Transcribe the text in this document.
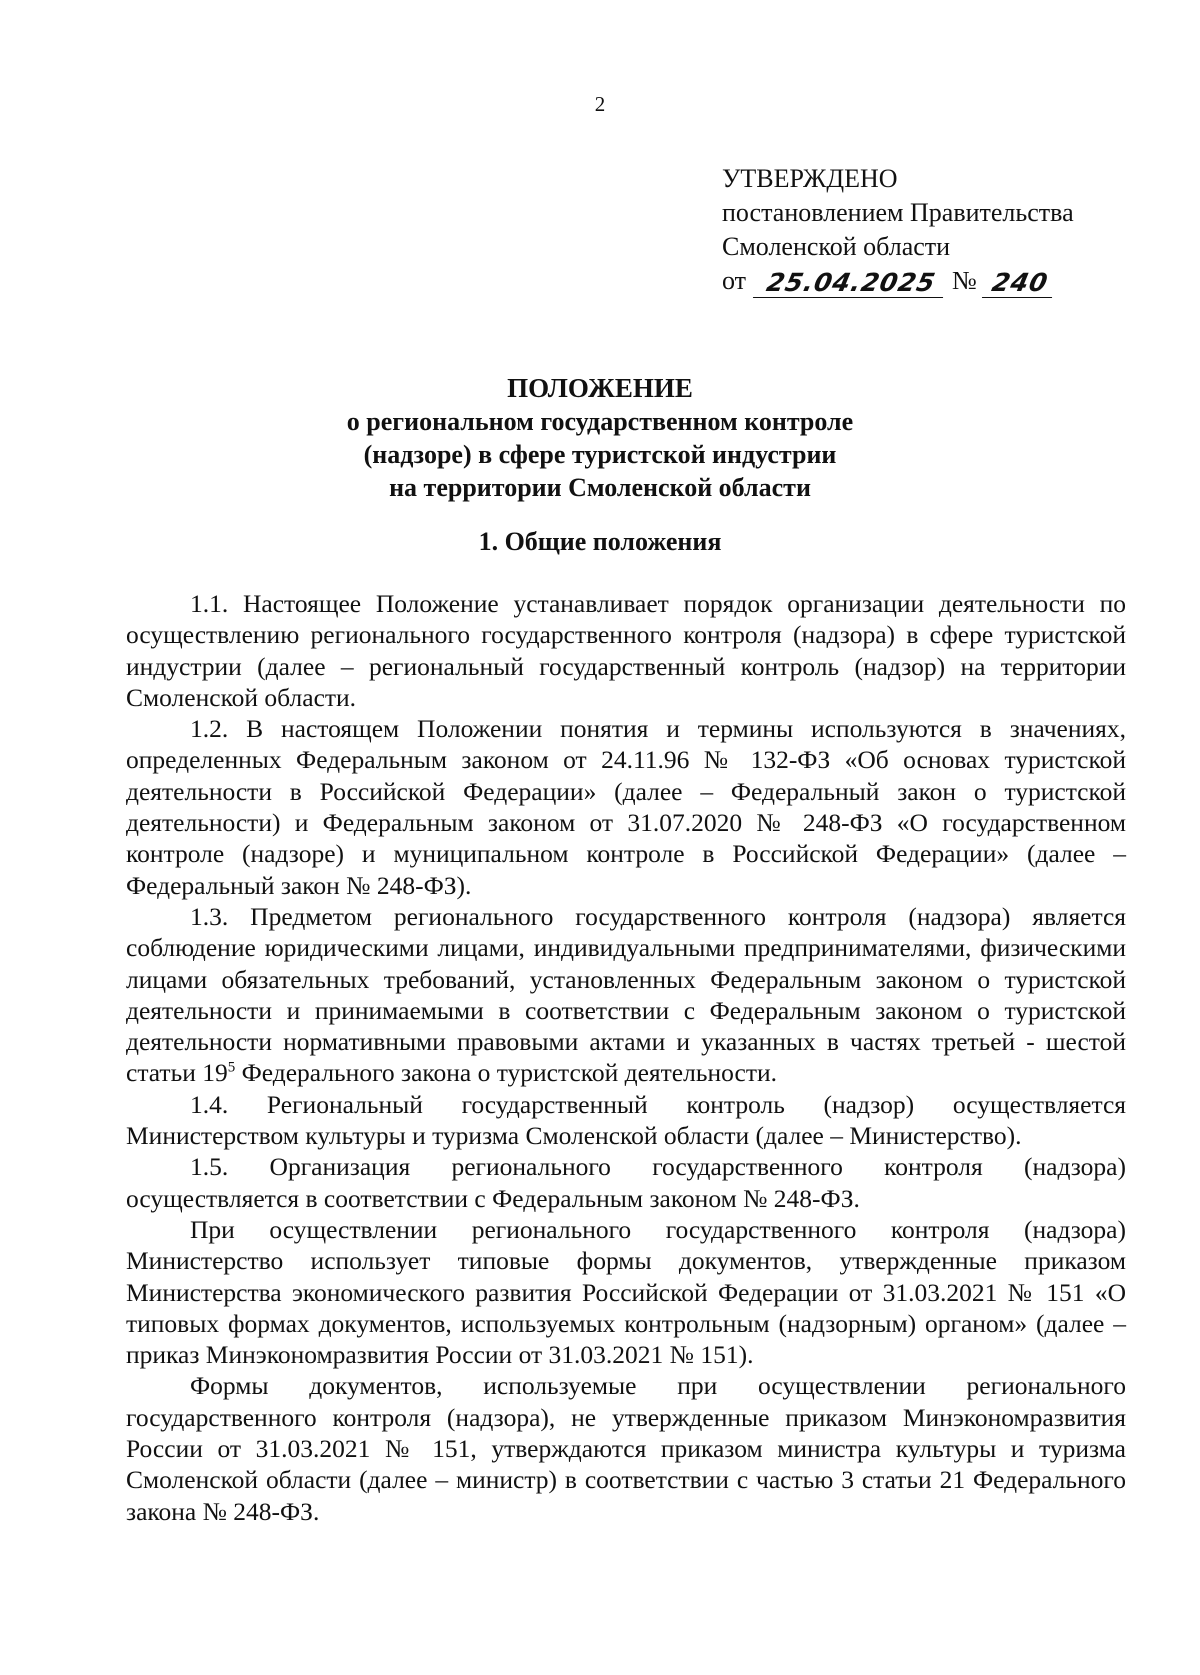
2
УТВЕРЖДЕНО
постановлением Правительства
Смоленской области
от 25.04.2025 № 240
ПОЛОЖЕНИЕ
о региональном государственном контроле
(надзоре) в сфере туристской индустрии
на территории Смоленской области
1. Общие положения

1.1. Настоящее Положение устанавливает порядок организации деятельности по осуществлению регионального государственного контроля (надзора) в сфере туристской индустрии (далее – региональный государственный контроль (надзор) на территории Смоленской области.

1.2. В настоящем Положении понятия и термины используются в значениях, определенных Федеральным законом от 24.11.96 № 132-ФЗ «Об основах туристской деятельности в Российской Федерации» (далее – Федеральный закон о туристской деятельности) и Федеральным законом от 31.07.2020 № 248-ФЗ «О государственном контроле (надзоре) и муниципальном контроле в Российской Федерации» (далее – Федеральный закон № 248-ФЗ).

1.3. Предметом регионального государственного контроля (надзора) является соблюдение юридическими лицами, индивидуальными предпринимателями, физическими лицами обязательных требований, установленных Федеральным законом о туристской деятельности и принимаемыми в соответствии с Федеральным законом о туристской деятельности нормативными правовыми актами и указанных в частях третьей - шестой статьи $19^5$ Федерального закона о туристской деятельности.

1.4. Региональный государственный контроль (надзор) осуществляется Министерством культуры и туризма Смоленской области (далее – Министерство).

1.5. Организация регионального государственного контроля (надзора) осуществляется в соответствии с Федеральным законом № 248-ФЗ.

При осуществлении регионального государственного контроля (надзора) Министерство использует типовые формы документов, утвержденные приказом Министерства экономического развития Российской Федерации от 31.03.2021 № 151 «О типовых формах документов, используемых контрольным (надзорным) органом» (далее – приказ Минэкономразвития России от 31.03.2021 № 151).

Формы документов, используемые при осуществлении регионального государственного контроля (надзора), не утвержденные приказом Минэкономразвития России от 31.03.2021 № 151, утверждаются приказом министра культуры и туризма Смоленской области (далее – министр) в соответствии с частью 3 статьи 21 Федерального закона № 248-ФЗ.
